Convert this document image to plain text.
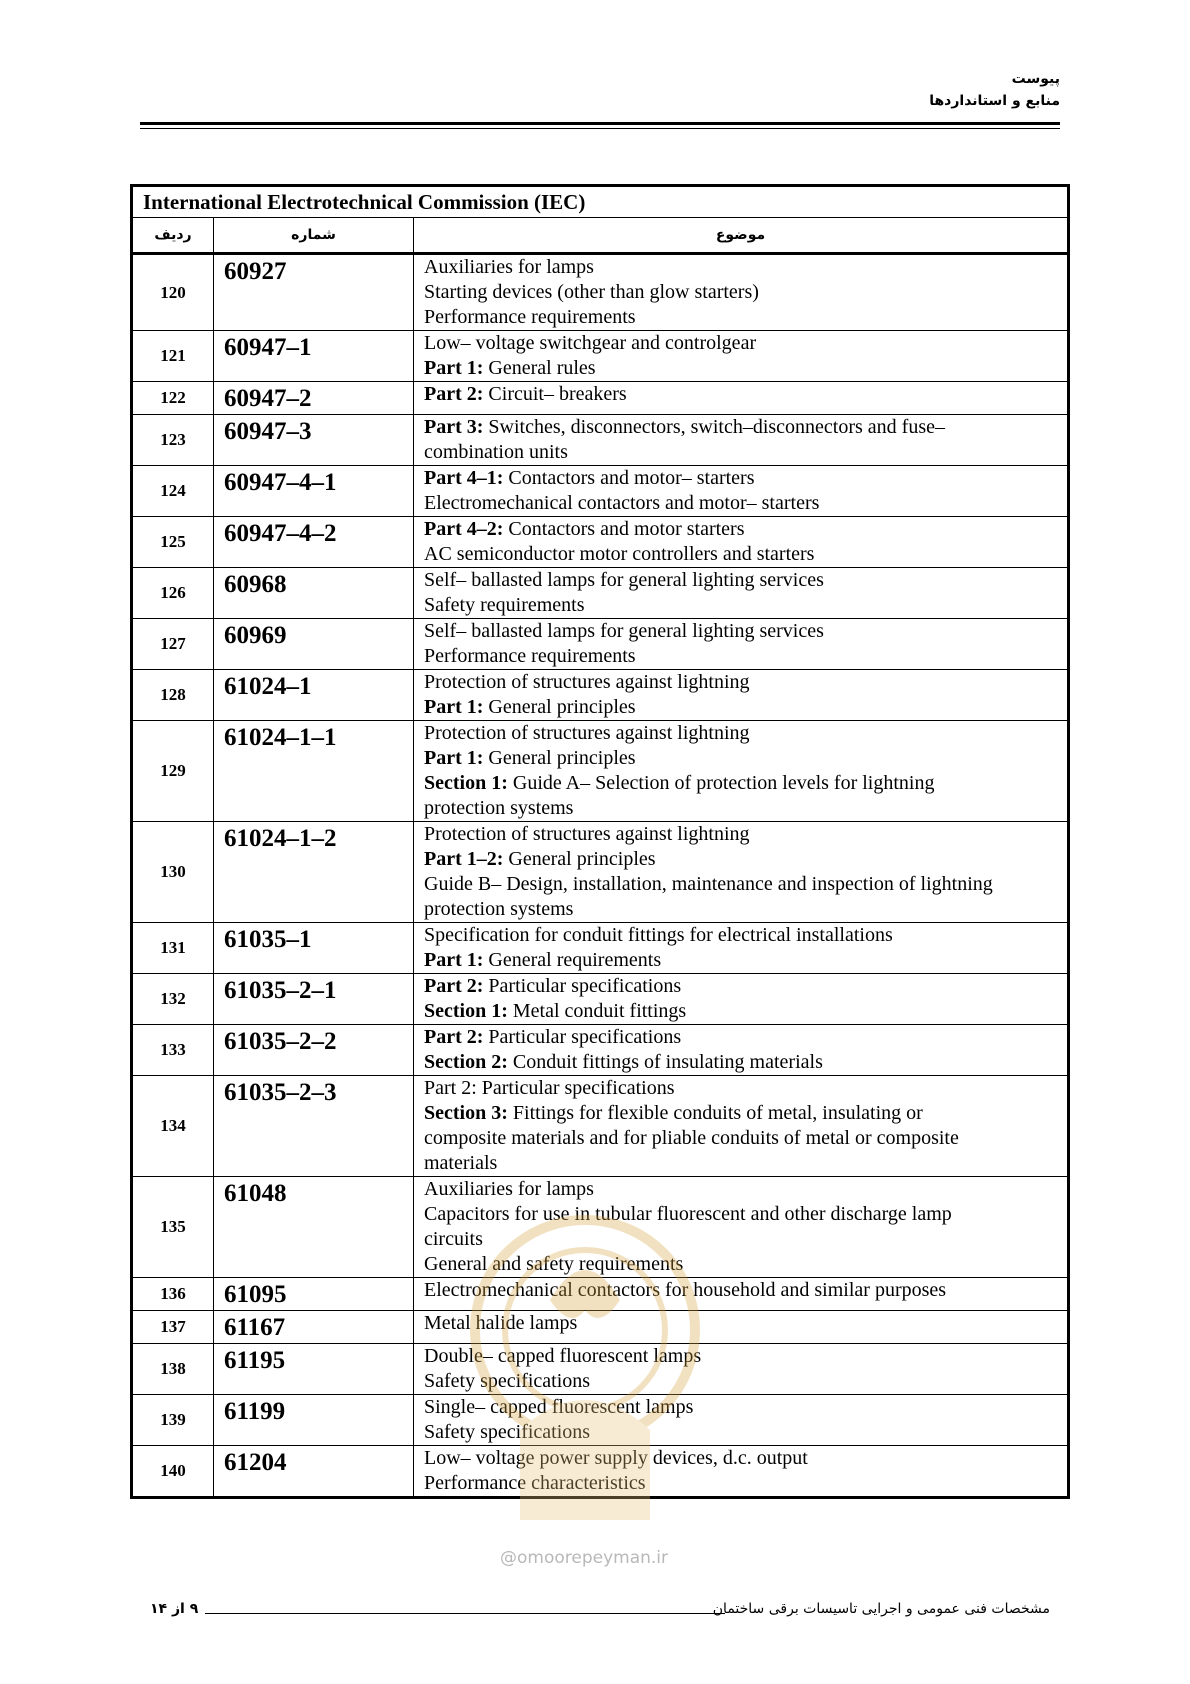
پیوست
منابع و استانداردها
International Electrotechnical Commission (IEC)		
ردیف	شماره	موضوع
120	60927	Auxiliaries for lamps
Starting devices (other than glow starters)
Performance requirements

121	60947–1	Low– voltage switchgear and controlgear
Part 1: General rules

122	60947–2	Part 2: Circuit– breakers

123	60947–3	Part 3: Switches, disconnectors, switch–disconnectors and fuse–
combination units

124	60947–4–1	Part 4–1: Contactors and motor– starters
Electromechanical contactors and motor– starters

125	60947–4–2	Part 4–2: Contactors and motor starters
AC semiconductor motor controllers and starters

126	60968	Self– ballasted lamps for general lighting services
Safety requirements

127	60969	Self– ballasted lamps for general lighting services
Performance requirements

128	61024–1	Protection of structures against lightning
Part 1: General principles

129	61024–1–1	Protection of structures against lightning
Part 1: General principles
Section 1: Guide A– Selection of protection levels for lightning
protection systems

130	61024–1–2	Protection of structures against lightning
Part 1–2: General principles
Guide B– Design, installation, maintenance and inspection of lightning
protection systems

131	61035–1	Specification for conduit fittings for electrical installations
Part 1: General requirements

132	61035–2–1	Part 2: Particular specifications
Section 1: Metal conduit fittings

133	61035–2–2	Part 2: Particular specifications
Section 2: Conduit fittings of insulating materials

134	61035–2–3	Part 2: Particular specifications
Section 3: Fittings for flexible conduits of metal, insulating or
composite materials and for pliable conduits of metal or composite
materials

135	61048	Auxiliaries for lamps
Capacitors for use in tubular fluorescent and other discharge lamp
circuits
General and safety requirements

136	61095	Electromechanical contactors for household and similar purposes

137	61167	Metal halide lamps

138	61195	Double– capped fluorescent lamps
Safety specifications

139	61199	Single– capped fluorescent lamps
Safety specifications

140	61204	Low– voltage power supply devices, d.c. output
Performance characteristics
@omoorepeyman.ir
۹ از ۱۴	مشخصات فنی عمومی و اجرایی تاسیسات برقی ساختمان
